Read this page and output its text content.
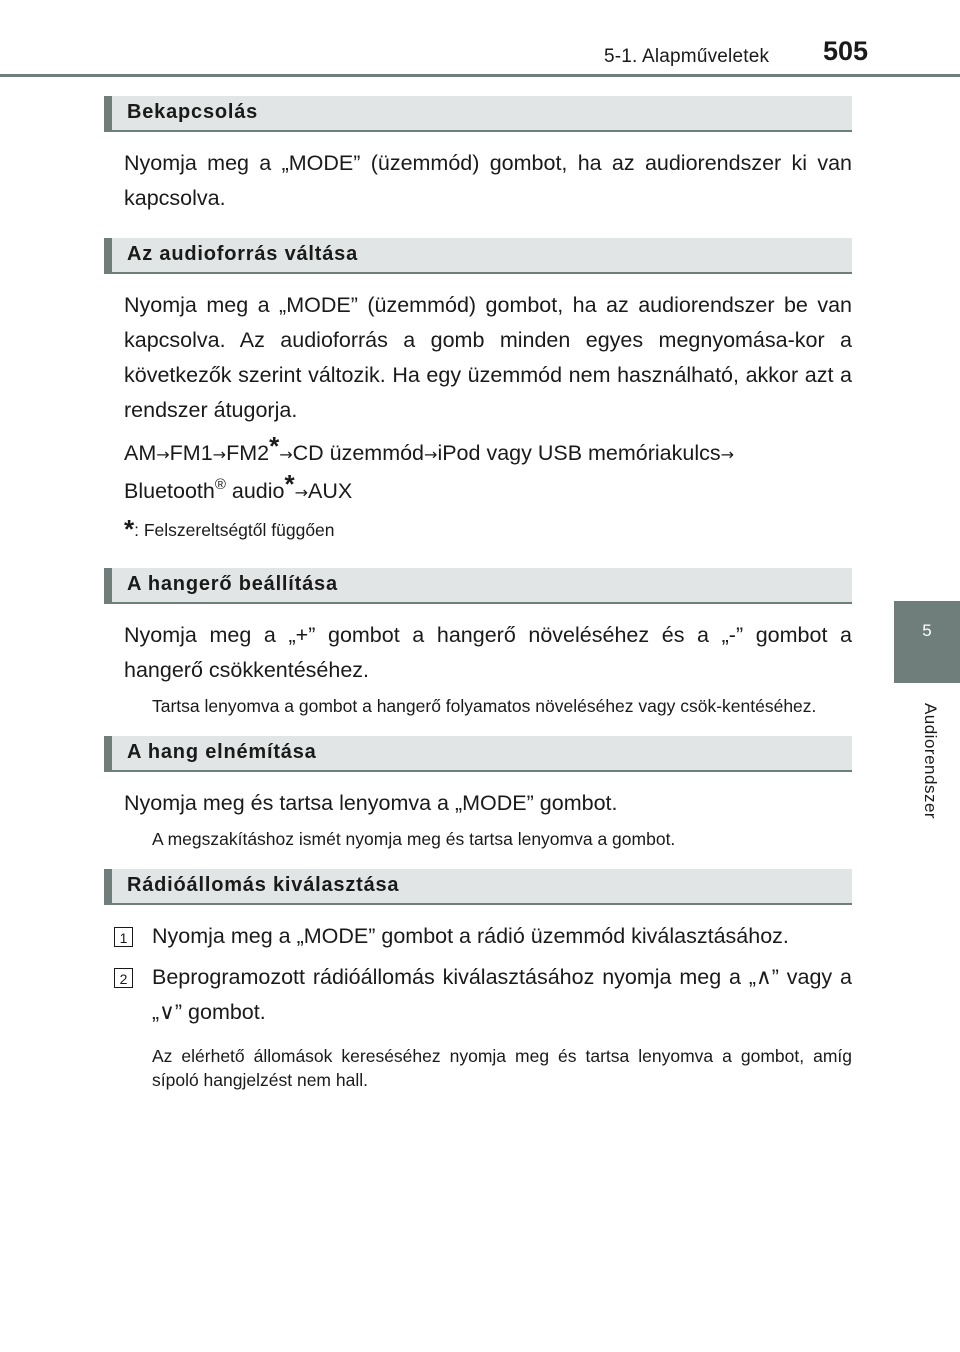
5-1. Alapműveletek 505
5
Audiorendszer
Bekapcsolás

Nyomja meg a „MODE” (üzemmód) gombot, ha az audiorendszer ki van kapcsolva.

Az audioforrás váltása

Nyomja meg a „MODE” (üzemmód) gombot, ha az audiorendszer be van kapcsolva. Az audioforrás a gomb minden egyes megnyomása-kor a következők szerint változik. Ha egy üzemmód nem használható, akkor azt a rendszer átugorja.

AM→FM1→FM2*→CD üzemmód→iPod vagy USB memóriakulcs→
Bluetooth® audio*→AUX

*: Felszereltségtől függően

A hangerő beállítása

Nyomja meg a „+” gombot a hangerő növeléséhez és a „-” gombot a hangerő csökkentéséhez.

Tartsa lenyomva a gombot a hangerő folyamatos növeléséhez vagy csök-kentéséhez.

A hang elnémítása

Nyomja meg és tartsa lenyomva a „MODE” gombot.

A megszakításhoz ismét nyomja meg és tartsa lenyomva a gombot.

Rádióállomás kiválasztása
1 Nyomja meg a „MODE” gombot a rádió üzemmód kiválasztásához.
2 Beprogramozott rádióállomás kiválasztásához nyomja meg a „∧” vagy a „∨” gombot.

Az elérhető állomások kereséséhez nyomja meg és tartsa lenyomva a gombot, amíg sípoló hangjelzést nem hall.
